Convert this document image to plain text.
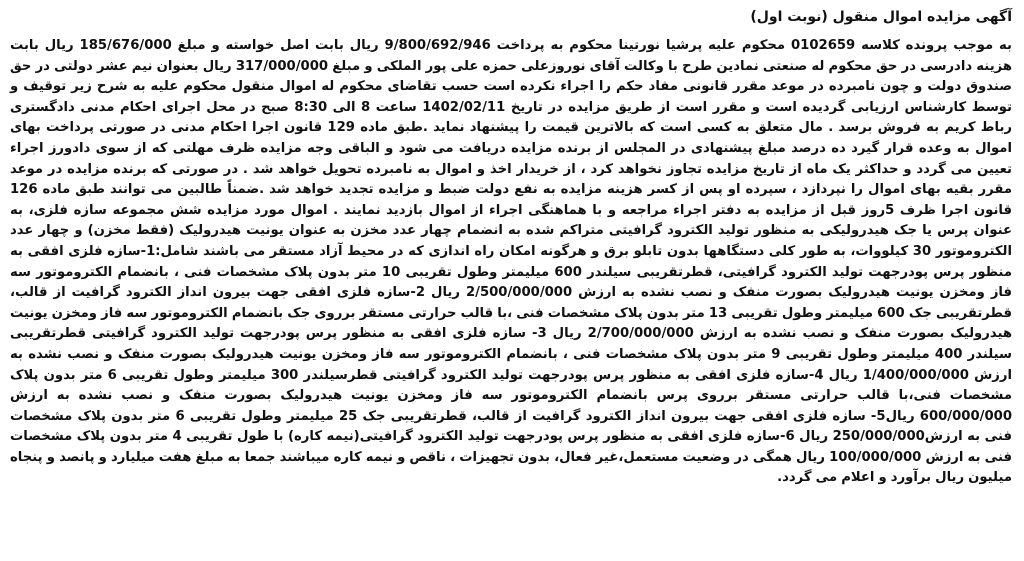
آگهی مزایده اموال منقول (نوبت اول)

به موجب پرونده کلاسه 0102659 محکوم علیه پرشیا نورتینا محکوم به پرداخت 9/800/692/946 ریال بابت اصل خواسته و مبلغ 185/676/000 ریال بابت هزینه دادرسی در حق محکوم له صنعتی نمادین طرح با وکالت آقای نوروزعلی حمزه علی پور الملکی و مبلغ 317/000/000 ریال بعنوان نیم عشر دولتی در حق صندوق دولت و چون نامبرده در موعد مقرر قانونی مفاد حکم را اجراء نکرده است حسب تقاضای محکوم له اموال منقول محکوم علیه به شرح زیر توقیف و توسط کارشناس ارزیابی گردیده است و مقرر است از طریق مزایده در تاریخ 1402/02/11 ساعت 8 الی 8:30 صبح در محل اجرای احکام مدنی دادگستری رباط کریم به فروش برسد . مال متعلق به کسی است که بالاترین قیمت را پیشنهاد نماید .طبق ماده 129 قانون اجرا احکام مدنی در صورتی پرداخت بهای اموال به وعده قرار گیرد ده درصد مبلغ پیشنهادی در المجلس از برنده مزایده دریافت می شود و الباقی وجه مزایده ظرف مهلتی که از سوی دادورز اجراء تعیین می گردد و حداکثر یک ماه از تاریخ مزایده تجاوز نخواهد کرد ، از خریدار اخذ و اموال به نامبرده تحویل خواهد شد . در صورتی که برنده مزایده در موعد مقرر بقیه بهای اموال را نپردازد ، سپرده او پس از کسر هزینه مزایده به نفع دولت ضبط و مزایده تجدید خواهد شد .ضمناً طالبین می توانند طبق ماده 126 قانون اجرا ظرف 5روز قبل از مزایده به دفتر اجراء مراجعه و با هماهنگی اجراء از اموال بازدید نمایند . اموال مورد مزایده شش مجموعه سازه فلزی، به عنوان پرس یا جک هیدرولیکی به منظور تولید الکترود گرافیتی متراکم شده به انضمام چهار عدد مخزن به عنوان یونیت هیدرولیک (فقط مخزن) و چهار عدد الکتروموتور 30 کیلووات، به طور کلی دستگاهها بدون تابلو برق و هرگونه امکان راه اندازی که در محیط آزاد مستقر می باشند شامل:1-سازه فلزی افقی به منظور پرس پودرجهت تولید الکترود گرافیتی، قطرتقریبی سیلندر 600 میلیمتر وطول تقریبی 10 متر بدون پلاک مشخصات فنی ، بانضمام الکتروموتور سه فاز ومخزن یونیت هیدرولیک بصورت منفک و نصب نشده به ارزش 2/500/000/000 ریال 2-سازه فلزی افقی جهت بیرون انداز الکترود گرافیت از قالب، قطرتقریبی جک 600 میلیمتر وطول تقریبی 13 متر بدون پلاک مشخصات فنی ،با قالب حرارتی مستقر برروی جک بانضمام الکتروموتور سه فاز ومخزن یونیت هیدرولیک بصورت منفک و نصب نشده به ارزش 2/700/000/000 ریال 3- سازه فلزی افقی به منظور پرس پودرجهت تولید الکترود گرافیتی قطرتقریبی سیلندر 400 میلیمتر وطول تقریبی 9 متر بدون پلاک مشخصات فنی ، بانضمام الکتروموتور سه فاز ومخزن یونیت هیدرولیک بصورت منفک و نصب نشده به ارزش 1/400/000/000 ریال 4-سازه فلزی افقی به منظور پرس پودرجهت تولید الکترود گرافیتی قطرسیلندر 300 میلیمتر وطول تقریبی 6 متر بدون پلاک مشخصات فنی،با قالب حرارتی مستقر برروی پرس بانضمام الکتروموتور سه فاز ومخزن یونیت هیدرولیک بصورت منفک و نصب نشده به ارزش 600/000/000 ریال5- سازه فلزی افقی جهت بیرون انداز الکترود گرافیت از قالب، قطرتقریبی جک 25 میلیمتر وطول تقریبی 6 متر بدون پلاک مشخصات فنی به ارزش250/000/000 ریال 6-سازه فلزی افقی به منظور پرس پودرجهت تولید الکترود گرافیتی(نیمه کاره) با طول تقریبی 4 متر بدون پلاک مشخصات فنی به ارزش 100/000/000 ریال همگی در وضعیت مستعمل،غیر فعال، بدون تجهیزات ، ناقص و نیمه کاره میباشند جمعا به مبلغ هفت میلیارد و پانصد و پنجاه میلیون ریال برآورد و اعلام می گردد.
